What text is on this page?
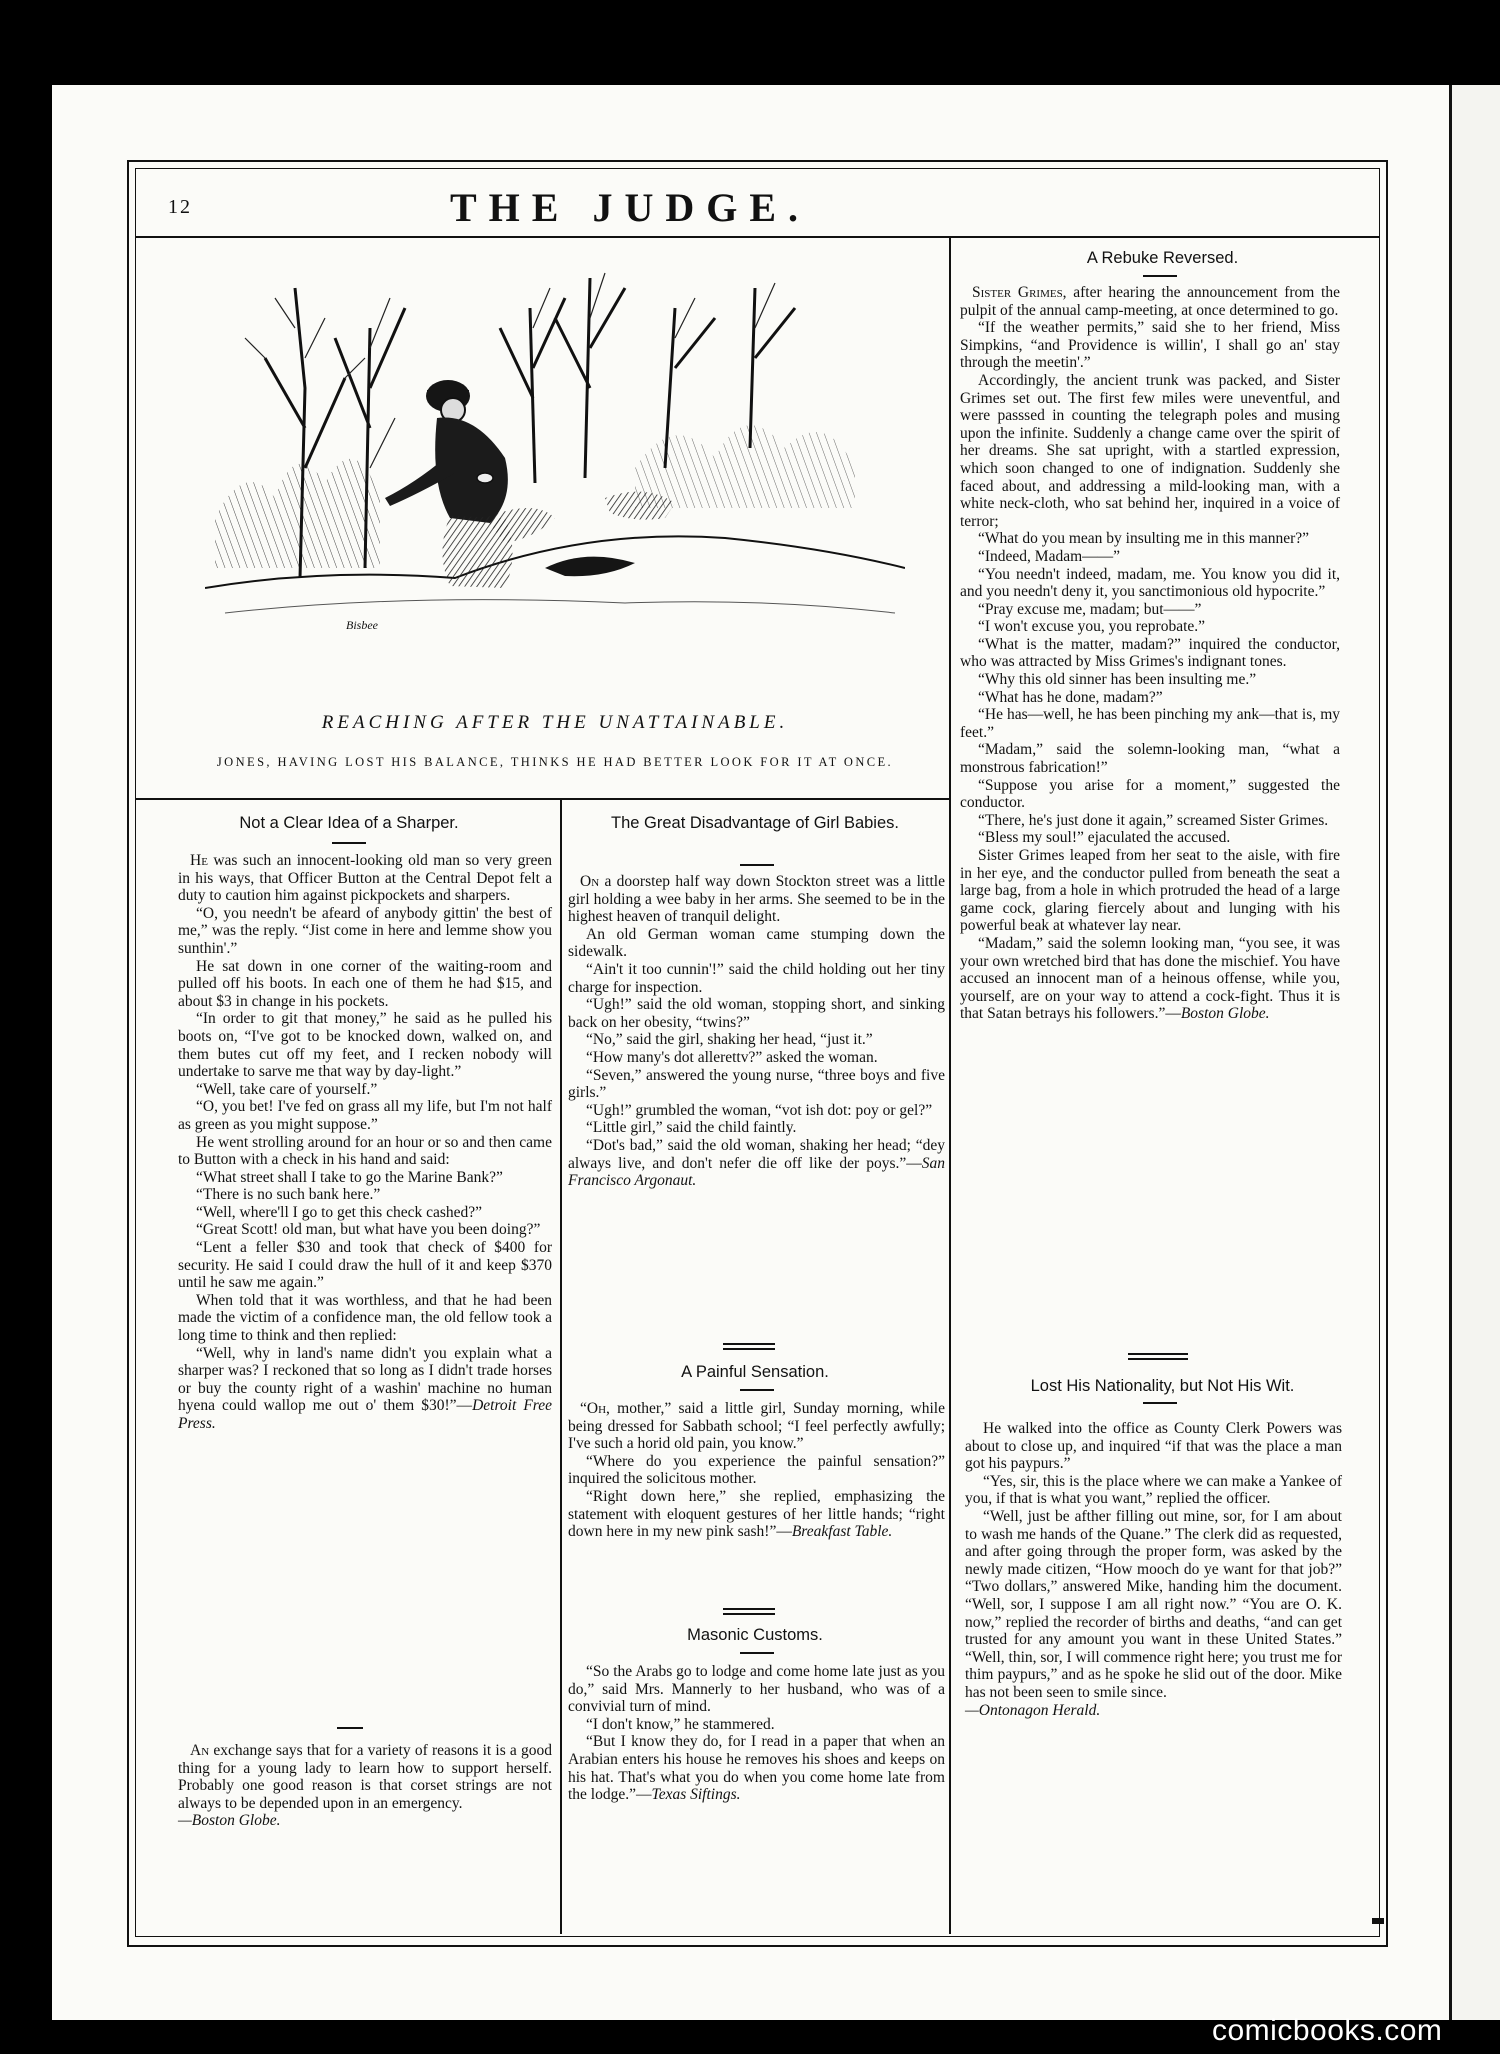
12	THE JUDGE.
Bisbee
REACHING AFTER THE UNATTAINABLE.
JONES, HAVING LOST HIS BALANCE, THINKS HE HAD BETTER LOOK FOR IT AT ONCE.
Not a Clear Idea of a Sharper.

He was such an innocent-looking old man so very green in his ways, that Officer Button at the Central Depot felt a duty to caution him against pickpockets and sharpers.

“O, you needn't be afeard of anybody gittin' the best of me,” was the reply. “Jist come in here and lemme show you sunthin'.”

He sat down in one corner of the waiting-room and pulled off his boots. In each one of them he had $15, and about $3 in change in his pockets.

“In order to git that money,” he said as he pulled his boots on, “I've got to be knocked down, walked on, and them butes cut off my feet, and I recken nobody will undertake to sarve me that way by day-light.”

“Well, take care of yourself.”

“O, you bet! I've fed on grass all my life, but I'm not half as green as you might suppose.”

He went strolling around for an hour or so and then came to Button with a check in his hand and said:

“What street shall I take to go the Marine Bank?”

“There is no such bank here.”

“Well, where'll I go to get this check cashed?”

“Great Scott! old man, but what have you been doing?”

“Lent a feller $30 and took that check of $400 for security. He said I could draw the hull of it and keep $370 until he saw me again.”

When told that it was worthless, and that he had been made the victim of a confidence man, the old fellow took a long time to think and then replied:

“Well, why in land's name didn't you explain what a sharper was? I reckoned that so long as I didn't trade horses or buy the county right of a washin' machine no human hyena could wallop me out o' them $30!”—Detroit Free Press.

An exchange says that for a variety of reasons it is a good thing for a young lady to learn how to support herself. Probably one good reason is that corset strings are not always to be depended upon in an emergency.

—Boston Globe.

The Great Disadvantage of Girl Babies.

On a doorstep half way down Stockton street was a little girl holding a wee baby in her arms. She seemed to be in the highest heaven of tranquil delight.

An old German woman came stumping down the sidewalk.

“Ain't it too cunnin'!” said the child holding out her tiny charge for inspection.

“Ugh!” said the old woman, stopping short, and sinking back on her obesity, “twins?”

“No,” said the girl, shaking her head, “just it.”

“How many's dot allerettv?” asked the woman.

“Seven,” answered the young nurse, “three boys and five girls.”

“Ugh!” grumbled the woman, “vot ish dot: poy or gel?”

“Little girl,” said the child faintly.

“Dot's bad,” said the old woman, shaking her head; “dey always live, and don't nefer die off like der poys.”—San Francisco Argonaut.

A Painful Sensation.

“Oh, mother,” said a little girl, Sunday morning, while being dressed for Sabbath school; “I feel perfectly awfully; I've such a horid old pain, you know.”

“Where do you experience the painful sensation?” inquired the solicitous mother.

“Right down here,” she replied, emphasizing the statement with eloquent gestures of her little hands; “right down here in my new pink sash!”—Breakfast Table.

Masonic Customs.

“So the Arabs go to lodge and come home late just as you do,” said Mrs. Mannerly to her husband, who was of a convivial turn of mind.

“I don't know,” he stammered.

“But I know they do, for I read in a paper that when an Arabian enters his house he removes his shoes and keeps on his hat. That's what you do when you come home late from the lodge.”—Texas Siftings.

A Rebuke Reversed.

Sister Grimes, after hearing the announcement from the pulpit of the annual camp-meeting, at once determined to go.

“If the weather permits,” said she to her friend, Miss Simpkins, “and Providence is willin', I shall go an' stay through the meetin'.”

Accordingly, the ancient trunk was packed, and Sister Grimes set out. The first few miles were uneventful, and were passsed in counting the telegraph poles and musing upon the infinite. Suddenly a change came over the spirit of her dreams. She sat upright, with a startled expression, which soon changed to one of indignation. Suddenly she faced about, and addressing a mild-looking man, with a white neck-cloth, who sat behind her, inquired in a voice of terror;

“What do you mean by insulting me in this manner?”

“Indeed, Madam——”

“You needn't indeed, madam, me. You know you did it, and you needn't deny it, you sanctimonious old hypocrite.”

“Pray excuse me, madam; but——”

“I won't excuse you, you reprobate.”

“What is the matter, madam?” inquired the conductor, who was attracted by Miss Grimes's indignant tones.

“Why this old sinner has been insulting me.”

“What has he done, madam?”

“He has—well, he has been pinching my ank—that is, my feet.”

“Madam,” said the solemn-looking man, “what a monstrous fabrication!”

“Suppose you arise for a moment,” suggested the conductor.

“There, he's just done it again,” screamed Sister Grimes.

“Bless my soul!” ejaculated the accused.

Sister Grimes leaped from her seat to the aisle, with fire in her eye, and the conductor pulled from beneath the seat a large bag, from a hole in which protruded the head of a large game cock, glaring fiercely about and lunging with his powerful beak at whatever lay near.

“Madam,” said the solemn looking man, “you see, it was your own wretched bird that has done the mischief. You have accused an innocent man of a heinous offense, while you, yourself, are on your way to attend a cock-fight. Thus it is that Satan betrays his followers.”—Boston Globe.

Lost His Nationality, but Not His Wit.

He walked into the office as County Clerk Powers was about to close up, and inquired “if that was the place a man got his paypurs.”

“Yes, sir, this is the place where we can make a Yankee of you, if that is what you want,” replied the officer.

“Well, just be afther filling out mine, sor, for I am about to wash me hands of the Quane.” The clerk did as requested, and after going through the proper form, was asked by the newly made citizen, “How mooch do ye want for that job?” “Two dollars,” answered Mike, handing him the document. “Well, sor, I suppose I am all right now.” “You are O. K. now,” replied the recorder of births and deaths, “and can get trusted for any amount you want in these United States.” “Well, thin, sor, I will commence right here; you trust me for thim paypurs,” and as he spoke he slid out of the door. Mike has not been seen to smile since.

—Ontonagon Herald.

comicbooks.com
